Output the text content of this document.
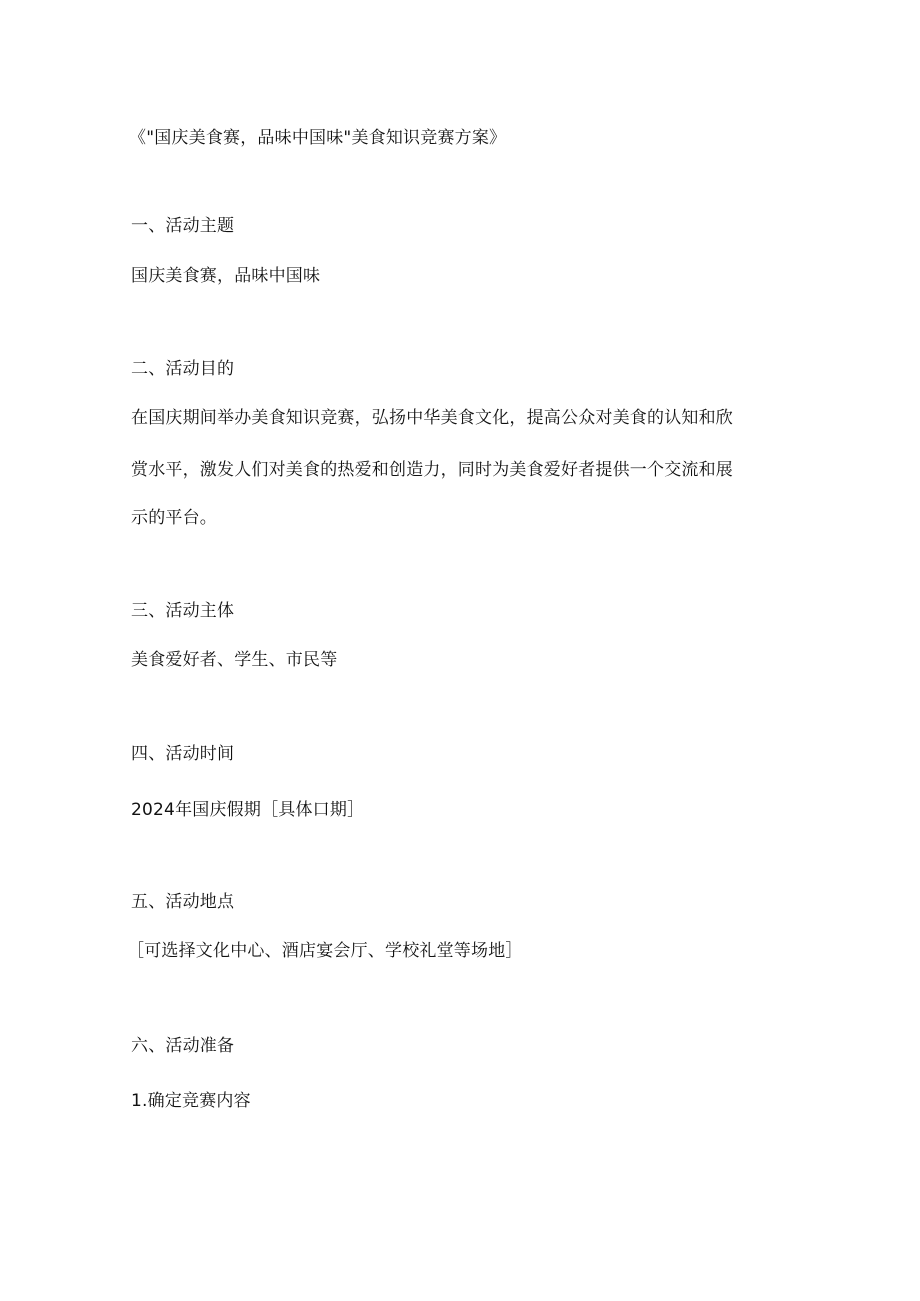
《"国庆美食赛，品味中国味"美食知识竞赛方案》
一、活动主题
国庆美食赛，品味中国味
二、活动目的
在国庆期间举办美食知识竞赛，弘扬中华美食文化，提高公众对美食的认知和欣
赏水平，激发人们对美食的热爱和创造力，同时为美食爱好者提供一个交流和展
示的平台。
三、活动主体
美食爱好者、学生、市民等
四、活动时间
2024年国庆假期［具体口期］
五、活动地点
［可选择文化中心、酒店宴会厅、学校礼堂等场地］
六、活动准备
1.确定竞赛内容
